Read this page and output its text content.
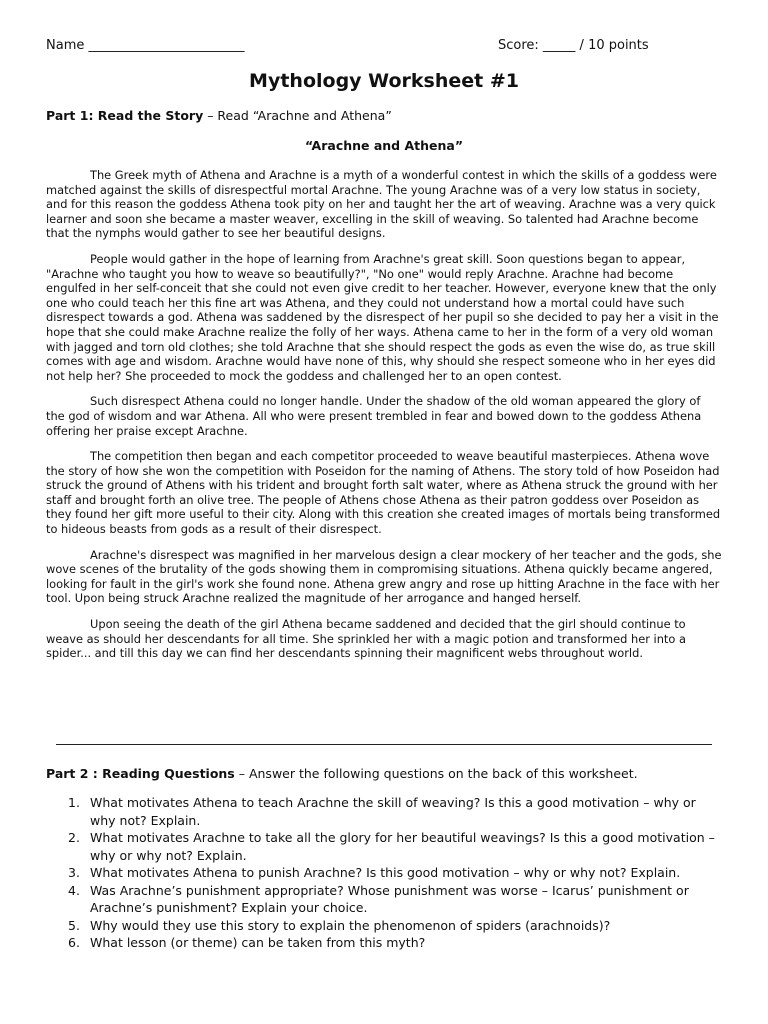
Name ________________________	Score: _____ / 10 points
Mythology Worksheet #1
Part 1: Read the Story – Read “Arachne and Athena”
“Arachne and Athena”

The Greek myth of Athena and Arachne is a myth of a wonderful contest in which the skills of a goddess were matched against the skills of disrespectful mortal Arachne. The young Arachne was of a very low status in society, and for this reason the goddess Athena took pity on her and taught her the art of weaving. Arachne was a very quick learner and soon she became a master weaver, excelling in the skill of weaving. So talented had Arachne become that the nymphs would gather to see her beautiful designs.

People would gather in the hope of learning from Arachne's great skill. Soon questions began to appear, "Arachne who taught you how to weave so beautifully?", "No one" would reply Arachne. Arachne had become engulfed in her self-conceit that she could not even give credit to her teacher. However, everyone knew that the only one who could teach her this fine art was Athena, and they could not understand how a mortal could have such disrespect towards a god. Athena was saddened by the disrespect of her pupil so she decided to pay her a visit in the hope that she could make Arachne realize the folly of her ways. Athena came to her in the form of a very old woman with jagged and torn old clothes; she told Arachne that she should respect the gods as even the wise do, as true skill comes with age and wisdom. Arachne would have none of this, why should she respect someone who in her eyes did not help her? She proceeded to mock the goddess and challenged her to an open contest.

Such disrespect Athena could no longer handle. Under the shadow of the old woman appeared the glory of the god of wisdom and war Athena. All who were present trembled in fear and bowed down to the goddess Athena offering her praise except Arachne.

The competition then began and each competitor proceeded to weave beautiful masterpieces. Athena wove the story of how she won the competition with Poseidon for the naming of Athens. The story told of how Poseidon had struck the ground of Athens with his trident and brought forth salt water, where as Athena struck the ground with her staff and brought forth an olive tree. The people of Athens chose Athena as their patron goddess over Poseidon as they found her gift more useful to their city. Along with this creation she created images of mortals being transformed to hideous beasts from gods as a result of their disrespect.

Arachne's disrespect was magnified in her marvelous design a clear mockery of her teacher and the gods, she wove scenes of the brutality of the gods showing them in compromising situations. Athena quickly became angered, looking for fault in the girl's work she found none. Athena grew angry and rose up hitting Arachne in the face with her tool. Upon being struck Arachne realized the magnitude of her arrogance and hanged herself.

Upon seeing the death of the girl Athena became saddened and decided that the girl should continue to weave as should her descendants for all time. She sprinkled her with a magic potion and transformed her into a spider... and till this day we can find her descendants spinning their magnificent webs throughout world.

Part 2 : Reading Questions – Answer the following questions on the back of this worksheet.
1. What motivates Athena to teach Arachne the skill of weaving? Is this a good motivation – why or why not? Explain.
2. What motivates Arachne to take all the glory for her beautiful weavings? Is this a good motivation – why or why not? Explain.
3. What motivates Athena to punish Arachne? Is this good motivation – why or why not? Explain.
4. Was Arachne’s punishment appropriate? Whose punishment was worse – Icarus’ punishment or Arachne’s punishment? Explain your choice.
5. Why would they use this story to explain the phenomenon of spiders (arachnoids)?
6. What lesson (or theme) can be taken from this myth?
